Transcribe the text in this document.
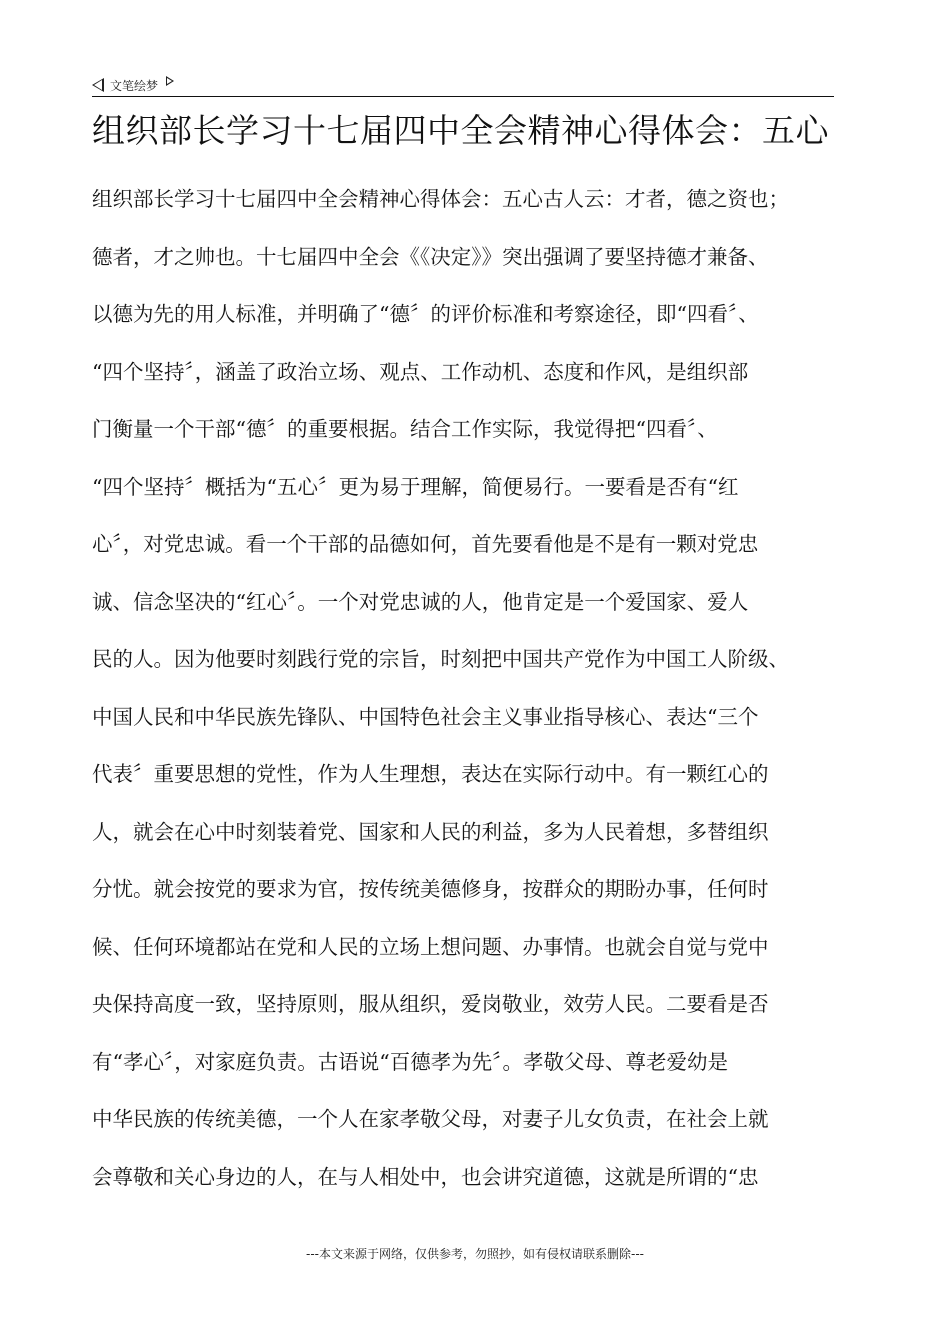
文笔绘梦
组织部长学习十七届四中全会精神心得体会：五心
组织部长学习十七届四中全会精神心得体会：五心古人云：才者，德之资也；
德者，才之帅也。十七届四中全会《《决定》》突出强调了要坚持德才兼备、
以德为先的用人标准，并明确了“德〞的评价标准和考察途径，即“四看〞、
“四个坚持〞，涵盖了政治立场、观点、工作动机、态度和作风，是组织部
门衡量一个干部“德〞的重要根据。结合工作实际，我觉得把“四看〞、
“四个坚持〞概括为“五心〞更为易于理解，简便易行。一要看是否有“红
心〞，对党忠诚。看一个干部的品德如何，首先要看他是不是有一颗对党忠
诚、信念坚决的“红心〞。一个对党忠诚的人，他肯定是一个爱国家、爱人
民的人。因为他要时刻践行党的宗旨，时刻把中国共产党作为中国工人阶级、
中国人民和中华民族先锋队、中国特色社会主义事业指导核心、表达“三个
代表〞重要思想的党性，作为人生理想，表达在实际行动中。有一颗红心的
人，就会在心中时刻装着党、国家和人民的利益，多为人民着想，多替组织
分忧。就会按党的要求为官，按传统美德修身，按群众的期盼办事，任何时
候、任何环境都站在党和人民的立场上想问题、办事情。也就会自觉与党中
央保持高度一致，坚持原则，服从组织，爱岗敬业，效劳人民。二要看是否
有“孝心〞，对家庭负责。古语说“百德孝为先〞。孝敬父母、尊老爱幼是
中华民族的传统美德，一个人在家孝敬父母，对妻子儿女负责，在社会上就
会尊敬和关心身边的人，在与人相处中，也会讲究道德，这就是所谓的“忠
---本文来源于网络，仅供参考，勿照抄，如有侵权请联系删除---
